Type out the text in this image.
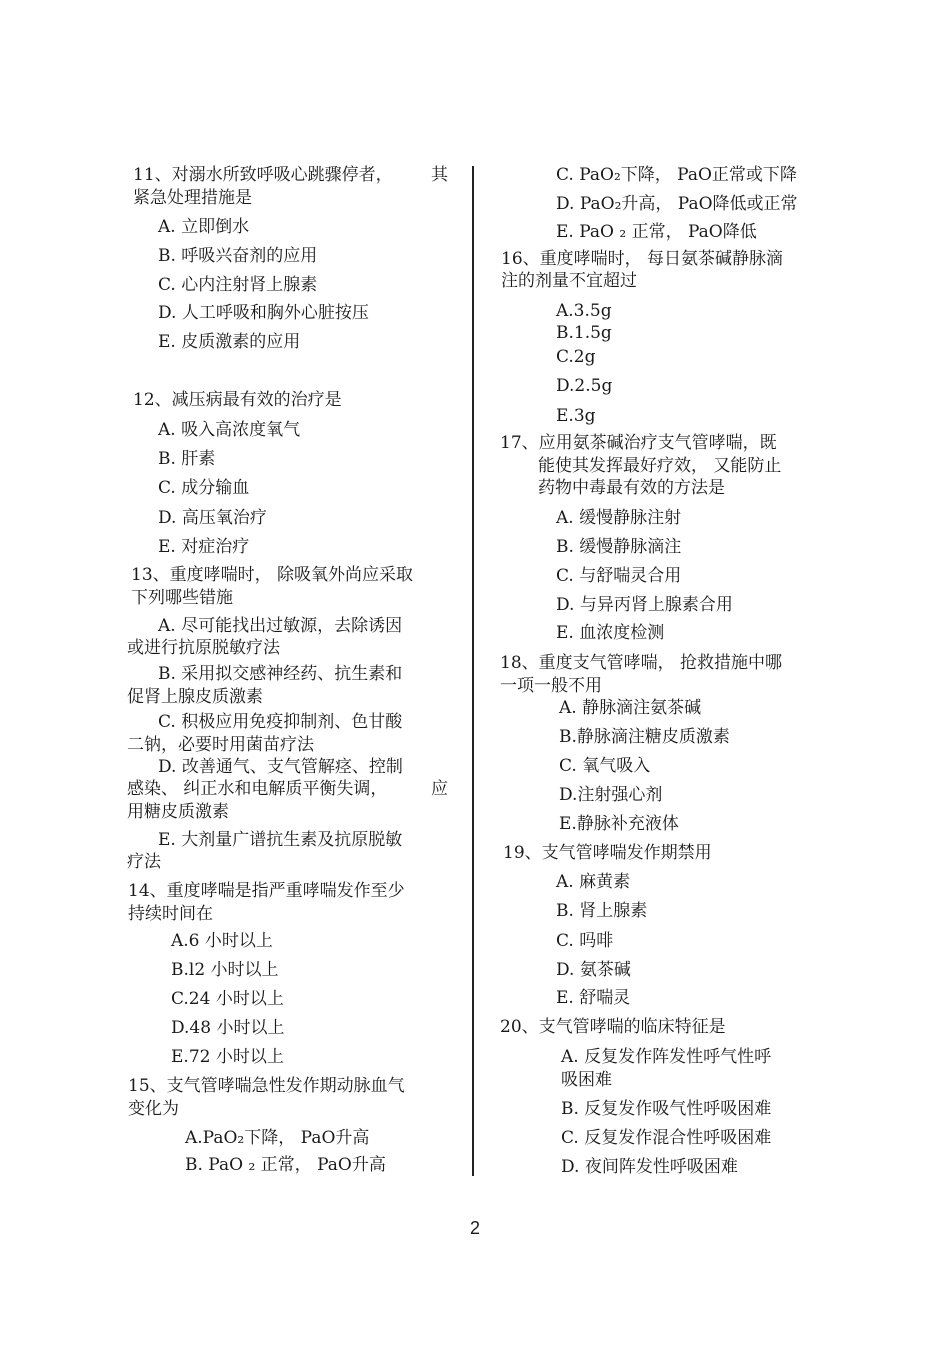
11、对溺水所致呼吸心跳骤停者， 其
紧急处理措施是
A. 立即倒水
B. 呼吸兴奋剂的应用
C. 心内注射肾上腺素
D. 人工呼吸和胸外心脏按压
E. 皮质激素的应用
12、减压病最有效的治疗是
A. 吸入高浓度氧气
B. 肝素
C. 成分输血
D. 高压氧治疗
E. 对症治疗
13、重度哮喘时， 除吸氧外尚应采取
下列哪些错施
A. 尽可能找出过敏源，去除诱因
或进行抗原脱敏疗法
B. 采用拟交感神经药、抗生素和
促肾上腺皮质激素
C. 积极应用免疫抑制剂、色甘酸
二钠，必要时用菌苗疗法
D. 改善通气、支气管解痉、控制
感染、 纠正水和电解质平衡失调，	应
用糖皮质激素
E. 大剂量广谱抗生素及抗原脱敏
疗法
14、重度哮喘是指严重哮喘发作至少
持续时间在
A.6 小时以上
B.l2 小时以上
C.24 小时以上
D.48 小时以上
E.72 小时以上
15、支气管哮喘急性发作期动脉血气
变化为
A.PaO₂下降， PaO升高
B. PaO ₂ 正常， PaO升高
C. PaO₂下降， PaO正常或下降
D. PaO₂升高， PaO降低或正常
E. PaO ₂ 正常， PaO降低
16、重度哮喘时， 每日氨茶碱静脉滴
注的剂量不宜超过
A.3.5g
B.1.5g
C.2g
D.2.5g
E.3g
17、应用氨茶碱治疗支气管哮喘，既
能使其发挥最好疗效， 又能防止
药物中毒最有效的方法是
A. 缓慢静脉注射
B. 缓慢静脉滴注
C. 与舒喘灵合用
D. 与异丙肾上腺素合用
E. 血浓度检测
18、重度支气管哮喘， 抢救措施中哪
一项一般不用
A. 静脉滴注氨茶碱
B.静脉滴注糖皮质激素
C. 氧气吸入
D.注射强心剂
E.静脉补充液体
19、支气管哮喘发作期禁用
A. 麻黄素
B. 肾上腺素
C. 吗啡
D. 氨茶碱
E. 舒喘灵
20、支气管哮喘的临床特征是
A. 反复发作阵发性呼气性呼
吸困难
B. 反复发作吸气性呼吸困难
C. 反复发作混合性呼吸困难
D. 夜间阵发性呼吸困难
2
